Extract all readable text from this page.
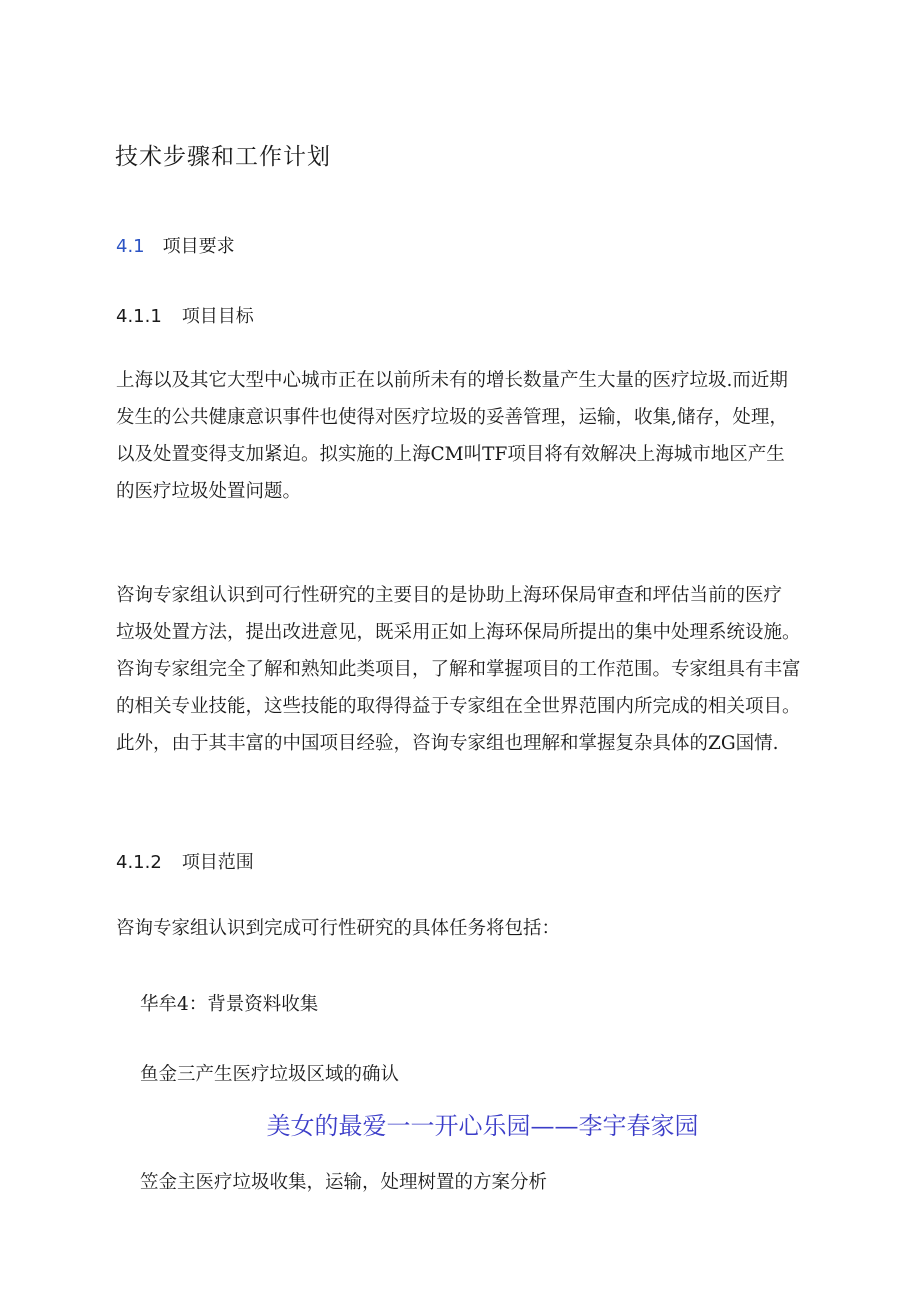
技术步骤和工作计划
4.1 项目要求
4.1.1 项目目标
上海以及其它大型中心城市正在以前所未有的增长数量产生大量的医疗垃圾.而近期
发生的公共健康意识事件也使得对医疗垃圾的妥善管理，运输，收集,储存，处理，
以及处置变得支加紧迫。拟实施的上海CM叫TF项目将有效解决上海城市地区产生
的医疗垃圾处置问题。
咨询专家组认识到可行性研究的主要目的是协助上海环保局审查和坪估当前的医疗
垃圾处置方法，提出改进意见，既采用正如上海环保局所提出的集中处理系统设施。
咨询专家组完全了解和熟知此类项目，了解和掌握项目的工作范围。专家组具有丰富
的相关专业技能，这些技能的取得得益于专家组在全世界范围内所完成的相关项目。
此外，由于其丰富的中国项目经验，咨询专家组也理解和掌握复杂具体的ZG国情.
4.1.2 项目范围
咨询专家组认识到完成可行性研究的具体任务将包括：
华牟4：背景资料收集
鱼金三产生医疗垃圾区域的确认
美女的最爱一一开心乐园——李宇春家园
笠金主医疗垃圾收集，运输，处理树置的方案分析
